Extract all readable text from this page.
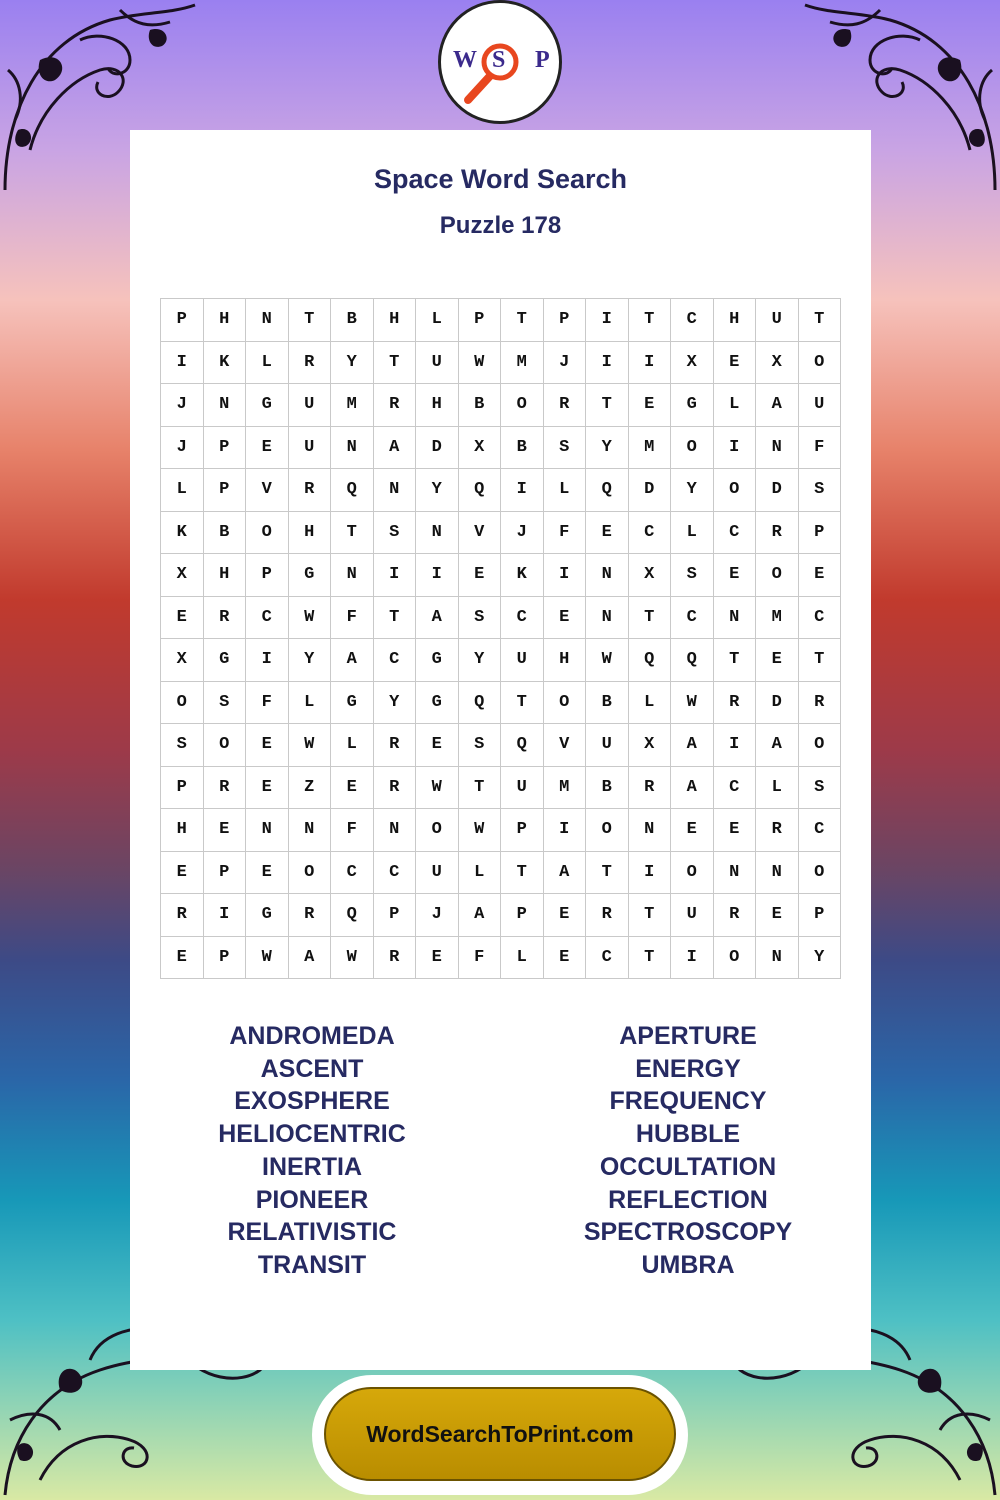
Space Word Search
Puzzle 178
P	H	N	T	B	H	L	P	T	P	I	T	C	H	U	T
I	K	L	R	Y	T	U	W	M	J	I	I	X	E	X	O
J	N	G	U	M	R	H	B	O	R	T	E	G	L	A	U
J	P	E	U	N	A	D	X	B	S	Y	M	O	I	N	F
L	P	V	R	Q	N	Y	Q	I	L	Q	D	Y	O	D	S
K	B	O	H	T	S	N	V	J	F	E	C	L	C	R	P
X	H	P	G	N	I	I	E	K	I	N	X	S	E	O	E
E	R	C	W	F	T	A	S	C	E	N	T	C	N	M	C
X	G	I	Y	A	C	G	Y	U	H	W	Q	Q	T	E	T
O	S	F	L	G	Y	G	Q	T	O	B	L	W	R	D	R
S	O	E	W	L	R	E	S	Q	V	U	X	A	I	A	O
P	R	E	Z	E	R	W	T	U	M	B	R	A	C	L	S
H	E	N	N	F	N	O	W	P	I	O	N	E	E	R	C
E	P	E	O	C	C	U	L	T	A	T	I	O	N	N	O
R	I	G	R	Q	P	J	A	P	E	R	T	U	R	E	P
E	P	W	A	W	R	E	F	L	E	C	T	I	O	N	Y
ANDROMEDA
ASCENT
EXOSPHERE
HELIOCENTRIC
INERTIA
PIONEER
RELATIVISTIC
TRANSIT
APERTURE
ENERGY
FREQUENCY
HUBBLE
OCCULTATION
REFLECTION
SPECTROSCOPY
UMBRA
W S P
WordSearchToPrint.com
